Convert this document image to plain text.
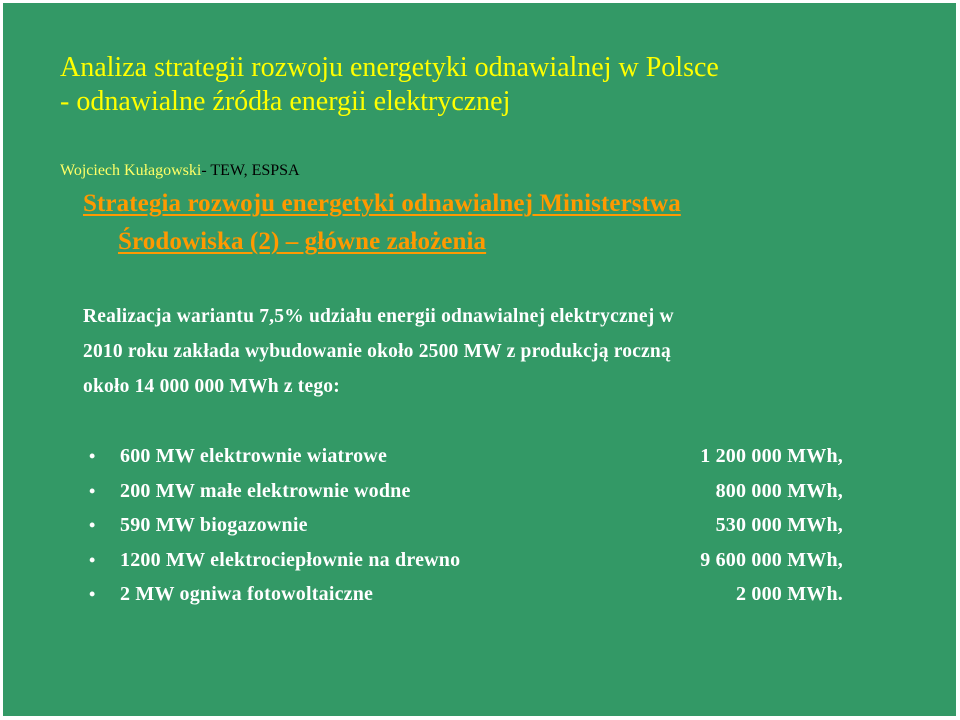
Analiza strategii rozwoju energetyki odnawialnej w Polsce
- odnawialne źródła energii elektrycznej
Wojciech Kułagowski- TEW, ESPSA
Strategia rozwoju energetyki odnawialnej Ministerstwa
Środowiska (2) – główne założenia
Realizacja wariantu 7,5% udziału energii odnawialnej elektrycznej w
2010 roku zakłada wybudowanie około 2500 MW z produkcją roczną
około 14 000 000 MWh z tego:
• 600 MW elektrownie wiatrowe	1 200 000 MWh,
• 200 MW małe elektrownie wodne	800 000 MWh,
• 590 MW biogazownie	530 000 MWh,
• 1200 MW elektrociepłownie na drewno	9 600 000 MWh,
• 2 MW ogniwa fotowoltaiczne	2 000 MWh.
